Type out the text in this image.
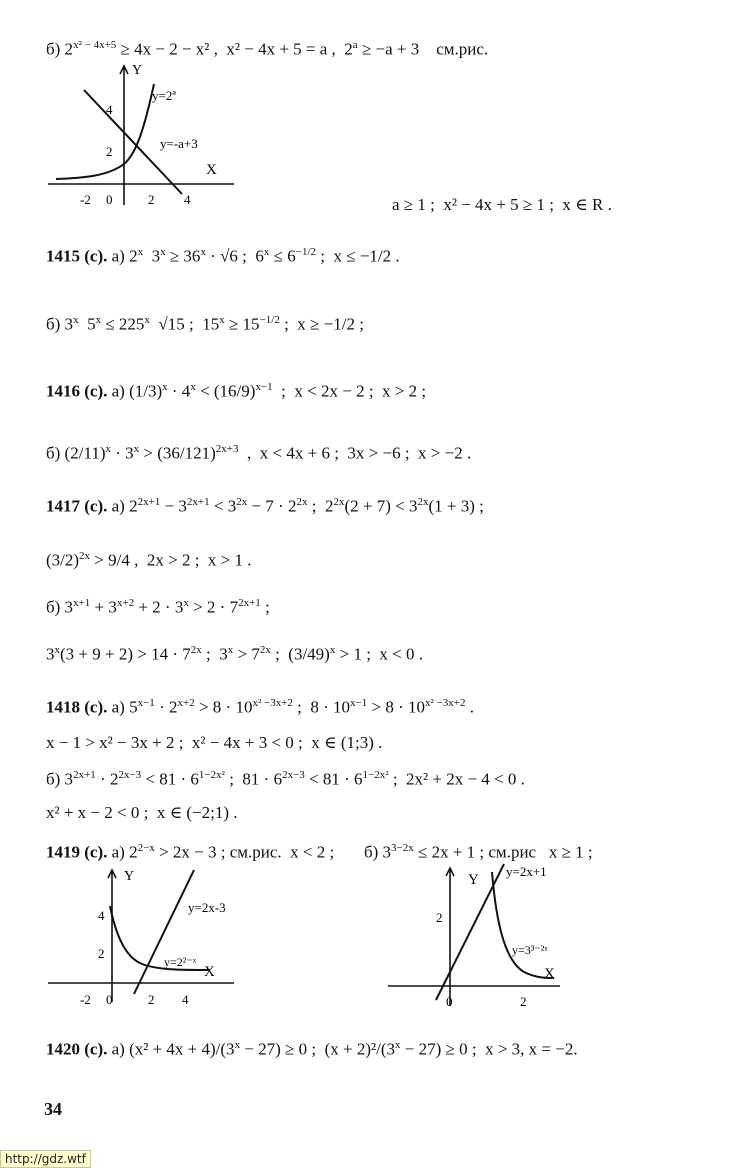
б) $2^{x^2 - 4x+5} \ge 4x - 2 - x^2$ ,  x² − 4x + 5 = a ,  $2^a \ge -a + 3$    см.рис.
a ≥ 1 ;  x² − 4x + 5 ≥ 1 ;  x ∈ R .
1415 (с). а) 2$^x$  $3^x \ge 36^x \cdot √6$ ;  $6^x \le 6^{-1/2}$ ;  x ≤ −1/2 .
б) 3$^x$  $5^x \le 225^x$  √15 ;  $15^x \ge 15^{-1/2}$ ;  x ≥ −1/2 ;
1416 (с). а) $(1/3)^x \cdot 4^x < (16/9)^{x-1}$  ;  x < 2x − 2 ;  x > 2 ;
б) $(2/11)^x \cdot 3^x > (36/121)^{2x+3}$  ,  x < 4x + 6 ;  3x > −6 ;  x > −2 .
1417 (с). а) $2^{2x+1} - 3^{2x+1} < 3^{2x} - 7 \cdot 2^{2x}$ ;  $2^{2x}(2 + 7) < 3^{2x}(1 + 3)$ ;
$(3/2)^{2x} > 9/4$ ,  2x > 2 ;  x > 1 .
б) $3^{x+1} + 3^{x+2} + 2 \cdot 3^x > 2 \cdot 7^{2x+1}$ ;
$3^x(3 + 9 + 2) > 14 \cdot 7^{2x}$ ;  $3^x > 7^{2x}$ ;  $(3/49)^x > 1$ ;  x < 0 .
1418 (с). а) $5^{x-1} \cdot 2^{x+2} > 8 \cdot 10^{x^2 -3x+2}$ ;  $8 \cdot 10^{x-1} > 8 \cdot 10^{x^2 -3x+2}$ .
x − 1 > x² − 3x + 2 ;  x² − 4x + 3 < 0 ;  x ∈ (1;3) .
б) $3^{2x+1} \cdot 2^{2x-3} < 81 \cdot 6^{1-2x^2}$ ;  $81 \cdot 6^{2x-3} < 81 \cdot 6^{1-2x^2}$ ;  2x² + 2x − 4 < 0 .
x² + x − 2 < 0 ;  x ∈ (−2;1) .
1419 (с). а) $2^{2-x} > 2x - 3$ ; см.рис.  x < 2 ;       б) $3^{3-2x} \le 2x + 1$ ; см.рис   x ≥ 1 ;
1420 (с). а) $(x^2 + 4x + 4)/(3^x - 27) \ge 0$ ;  $(x + 2)^2/(3^x - 27) \ge 0$ ;  x > 3, x = −2.
Y
X
y=2ª
y=-a+3
-2 0	2 4
2
4
Y
X
y=2²⁻ˣ
y=2x-3
-2 0	2 4
2
4
Y
X
y=3³⁻²ˣ
y=2x+1
0	2
2
34
http://gdz.wtf
